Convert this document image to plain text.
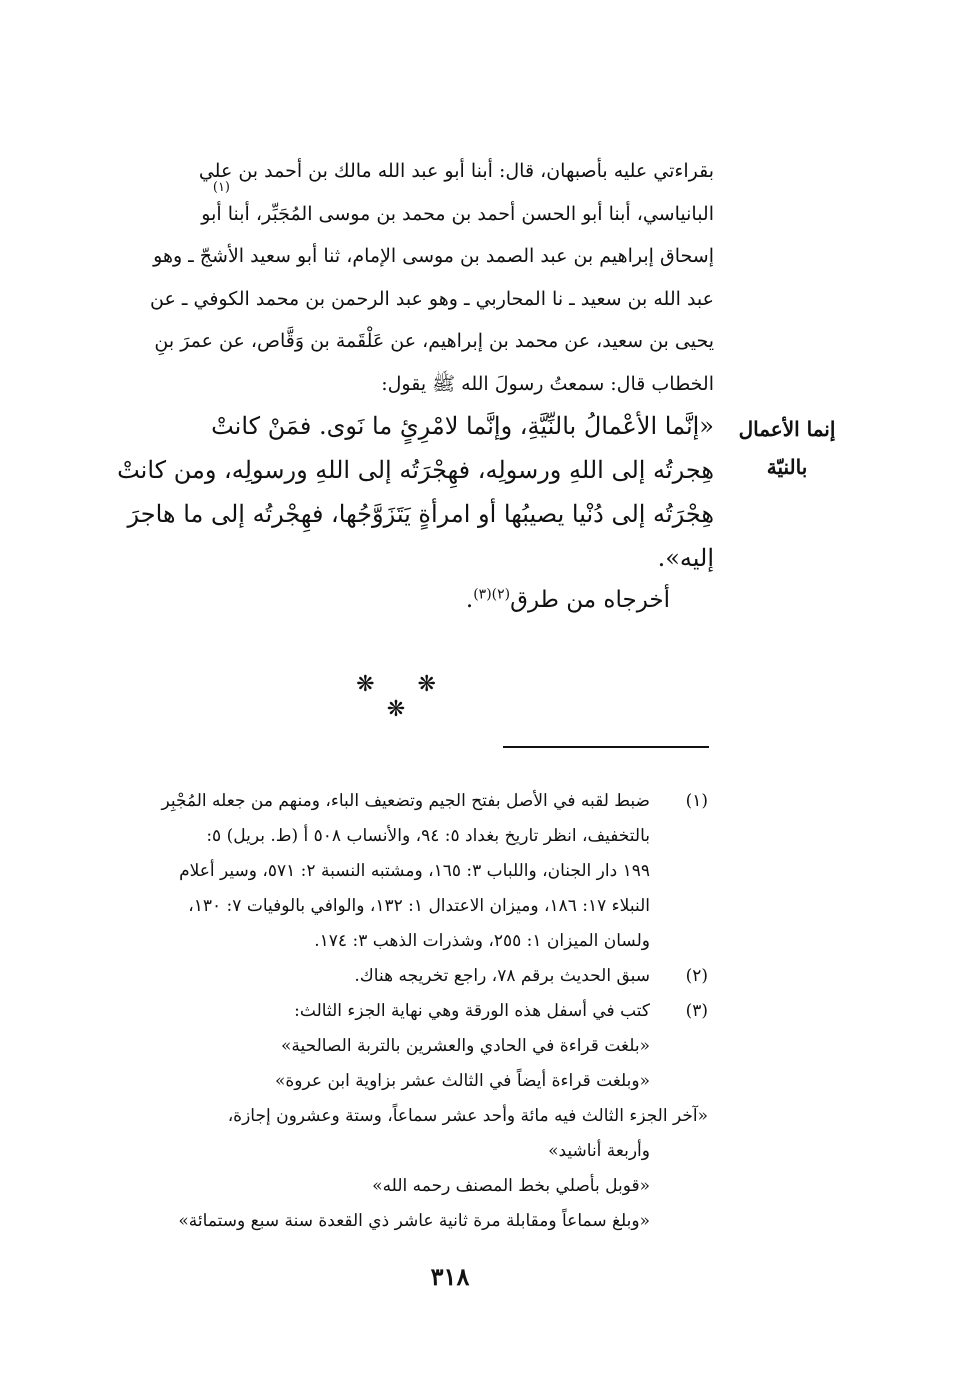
بقراءتي عليه بأصبهان، قال: أبنا أبو عبد الله مالك بن أحمد بن علي

البانياسي، أبنا أبو الحسن أحمد بن محمد بن موسى المُجَبِّر، أبنا أبو

إسحاق إبراهيم بن عبد الصمد بن موسى الإمام، ثنا أبو سعيد الأشجّ ـ وهو

عبد الله بن سعيد ـ نا المحاربي ـ وهو عبد الرحمن بن محمد الكوفي ـ عن

يحيى بن سعيد، عن محمد بن إبراهيم، عن عَلْقَمة بن وَقَّاص، عن عمرَ بنِ

الخطاب قال: سمعتُ رسولَ الله ﷺ يقول:

(١)

«إنَّما الأعْمالُ بالنِّيَّةِ، وإنَّما لامْرِئٍ ما نَوى. فمَنْ كانتْ

هِجرتُه إلى اللهِ ورسولِه، فهِجْرَتُه إلى اللهِ ورسولِه، ومن كانتْ

هِجْرَتُه إلى دُنْيا يصيبُها أو امرأةٍ يَتَزَوَّجُها، فهِجْرتُه إلى ما هاجرَ

إليه».

أخرجاه من طرق$^{(٢)(٣)}$.
إنما الأعمال
بالنيّة
❋ ❋ ❋
(١)
ضبط لقبه في الأصل بفتح الجيم وتضعيف الباء، ومنهم من جعله المُجْبِر
بالتخفيف، انظر تاريخ بغداد ٥: ٩٤، والأنساب ٥٠٨ أ (ط. بريل) ٥:
١٩٩ دار الجنان، واللباب ٣: ١٦٥، ومشتبه النسبة ٢: ٥٧١، وسير أعلام
النبلاء ١٧: ١٨٦، وميزان الاعتدال ١: ١٣٢، والوافي بالوفيات ٧: ١٣٠،
ولسان الميزان ١: ٢٥٥، وشذرات الذهب ٣: ١٧٤.
(٢)
سبق الحديث برقم ٧٨، راجع تخريجه هناك.
(٣)
كتب في أسفل هذه الورقة وهي نهاية الجزء الثالث:
«بلغت قراءة في الحادي والعشرين بالتربة الصالحية»
«وبلغت قراءة أيضاً في الثالث عشر بزاوية ابن عروة»
«آخر الجزء الثالث فيه مائة وأحد عشر سماعاً، وستة وعشرون إجازة،
وأربعة أناشيد»
«قوبل بأصلي بخط المصنف رحمه الله»
«وبلغ سماعاً ومقابلة مرة ثانية عاشر ذي القعدة سنة سبع وستمائة»
٣١٨
